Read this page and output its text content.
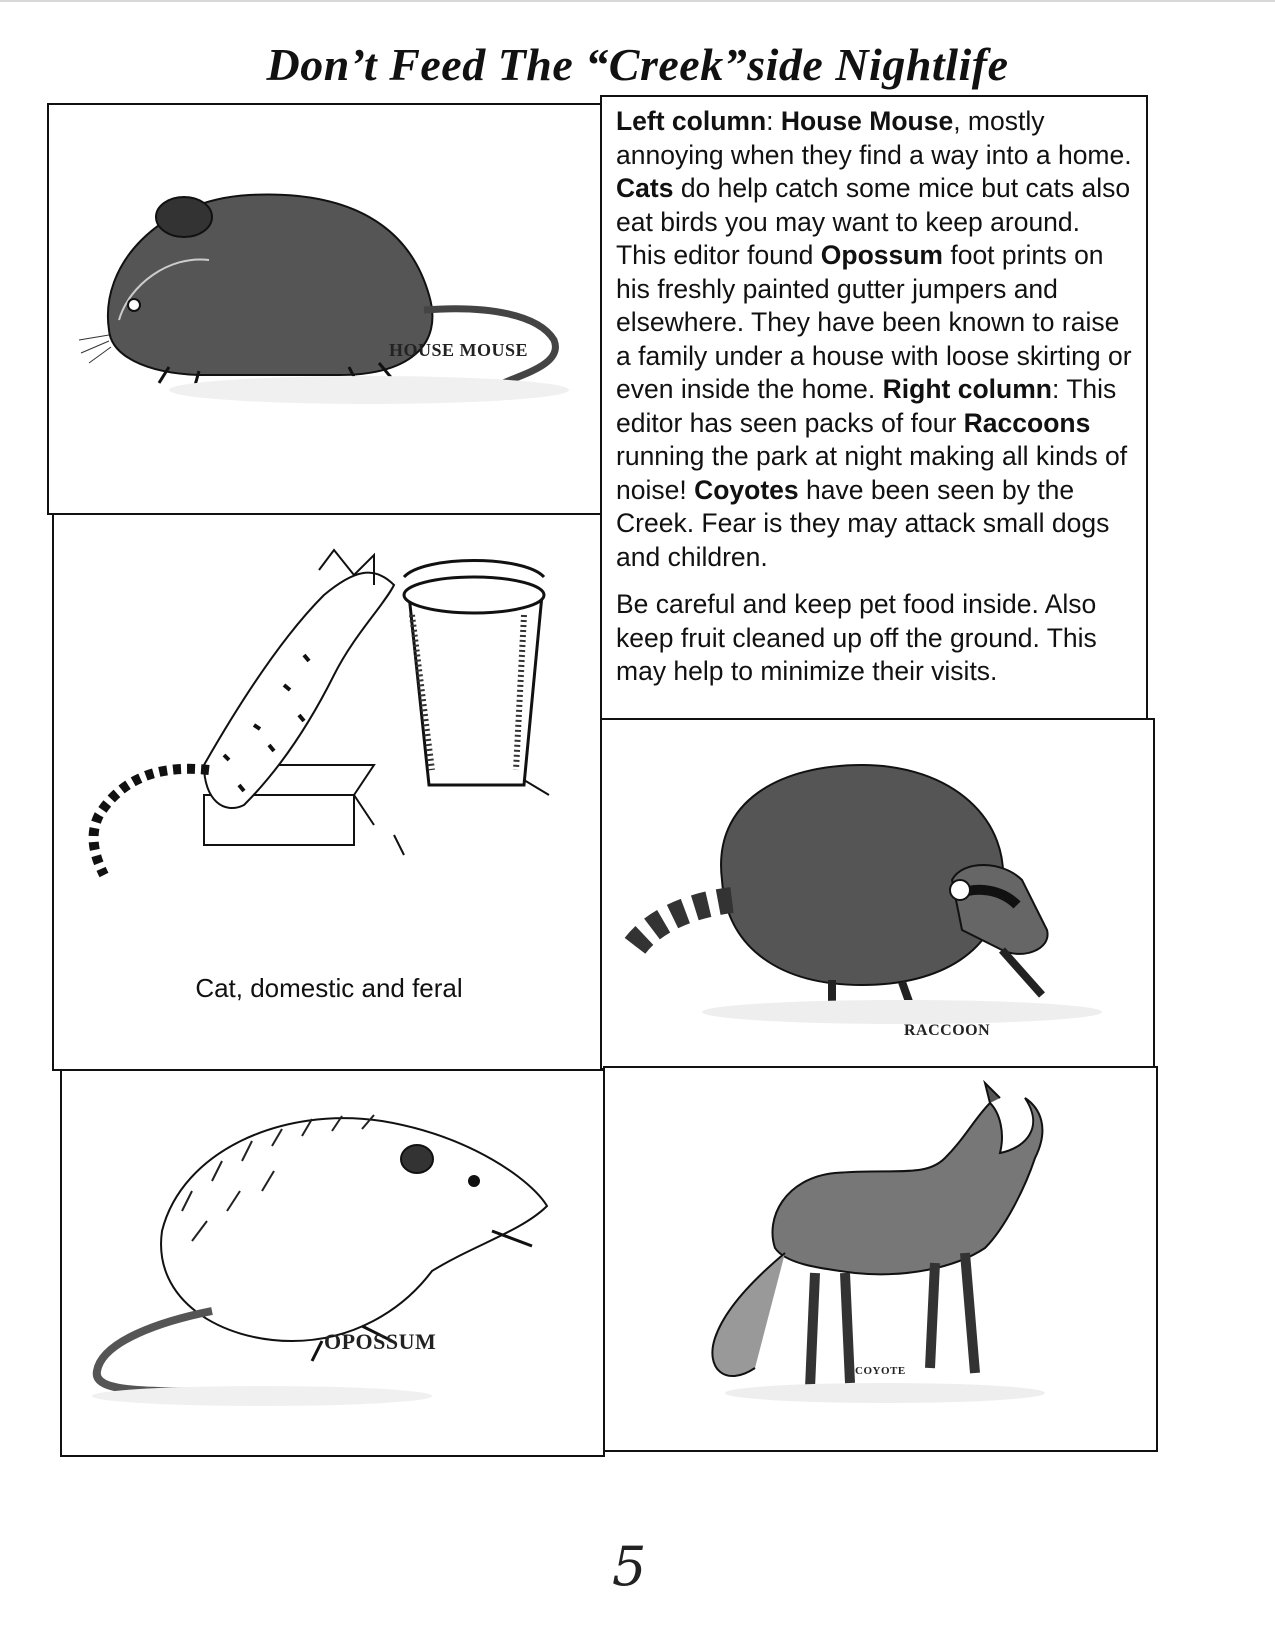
Don’t Feed The “Creek”side Nightlife
HOUSE MOUSE

Left column: House Mouse, mostly annoying when they find a way into a home. Cats do help catch some mice but cats also eat birds you may want to keep around. This editor found Opossum foot prints on his freshly painted gutter jumpers and elsewhere. They have been known to raise a family under a house with loose skirting or even inside the home. Right column: This editor has seen packs of four Raccoons running the park at night making all kinds of noise! Coyotes have been seen by the Creek. Fear is they may attack small dogs and children.

Be careful and keep pet food inside. Also keep fruit cleaned up off the ground. This may help to minimize their visits.

Cat, domestic and feral
RACCOON
OPOSSUM
COYOTE
5
